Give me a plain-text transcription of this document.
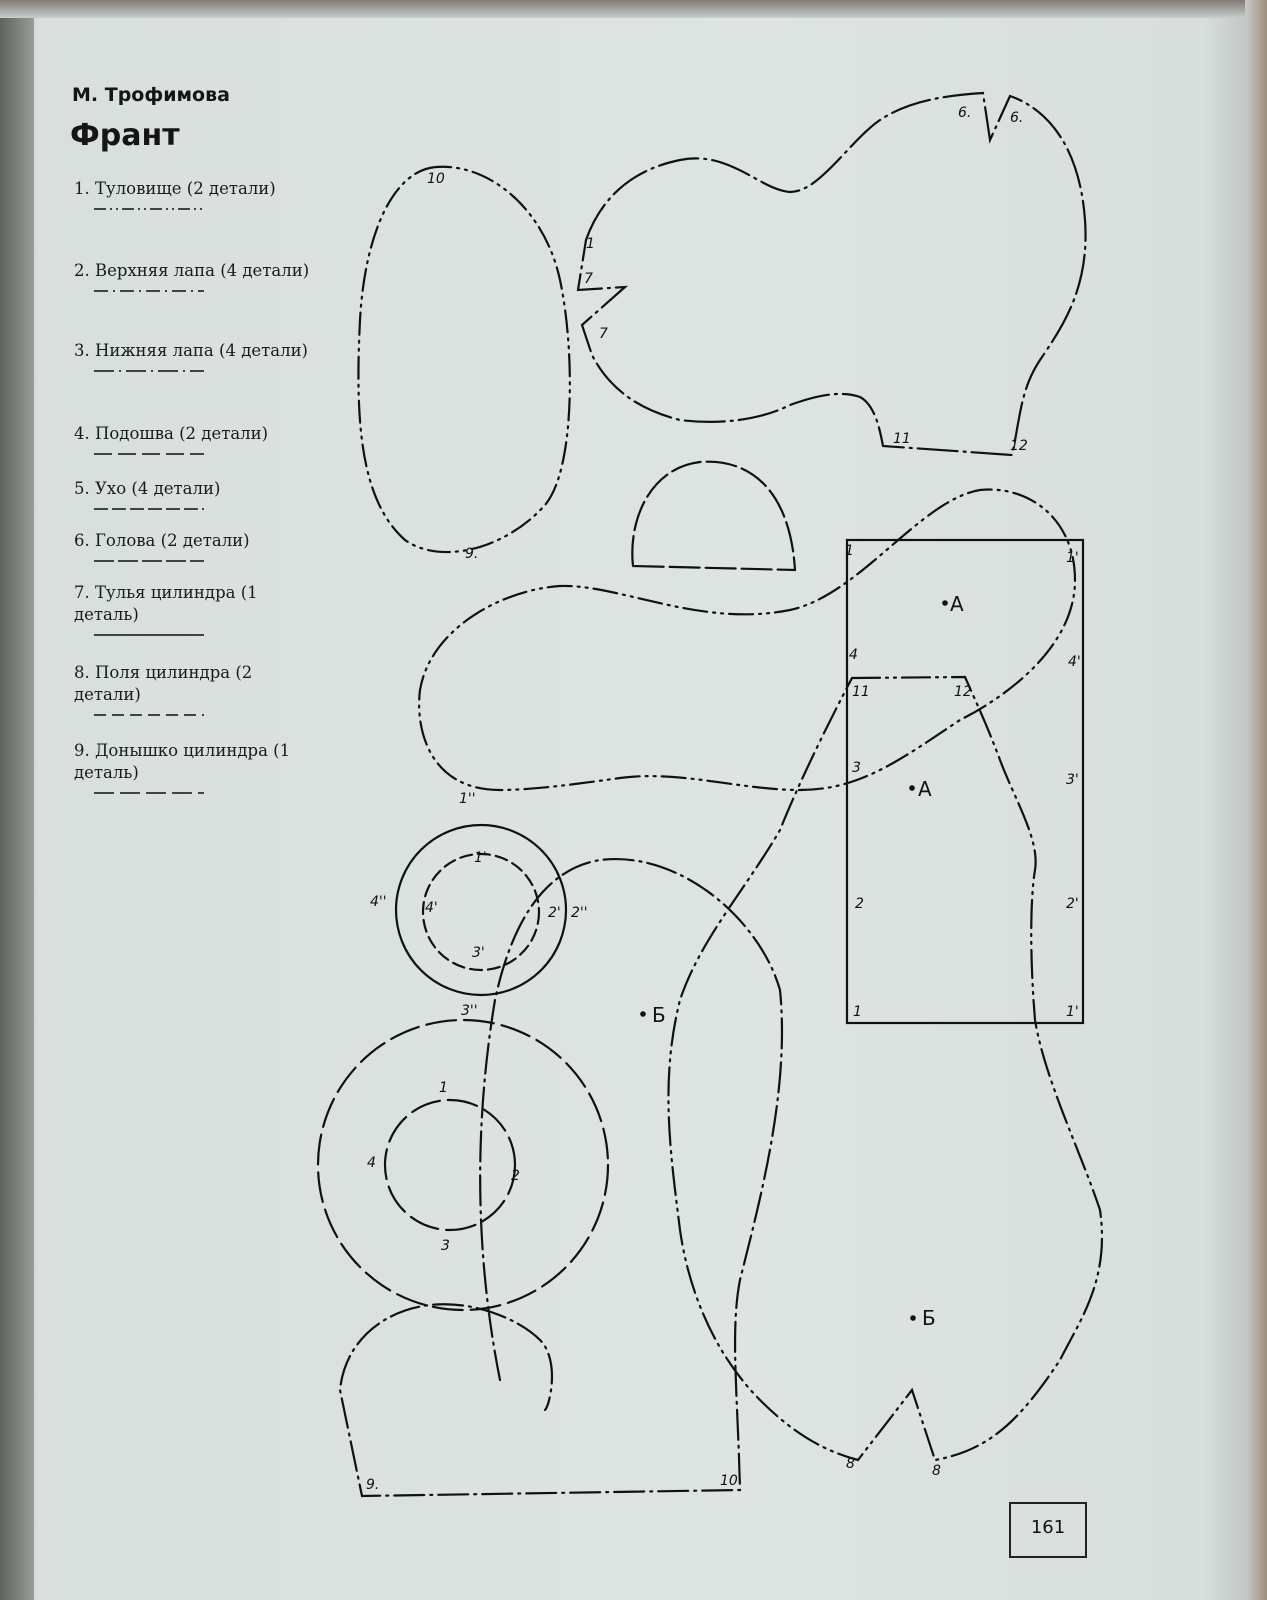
М. Трофимова
Франт
1. Туловище (2 детали)
2. Верхняя лапа (4 детали)
3. Нижняя лапа (4 детали)
4. Подошва (2 детали)
5. Ухо (4 детали)
6. Голова (2 детали)
7. Тулья цилиндра (1 деталь)
8. Поля цилиндра (2 детали)
9. Донышко цилиндра (1 деталь)
6.	6.
1
7
7
11	12
10
9.	1	1'
1	1'
4	4'
3
3'
2	2'
11	12
A
A
Б
Б
1''
1'
4''	4'	2' 2''
3'
3''
1
4
2
3
9.	10
8	8
161
